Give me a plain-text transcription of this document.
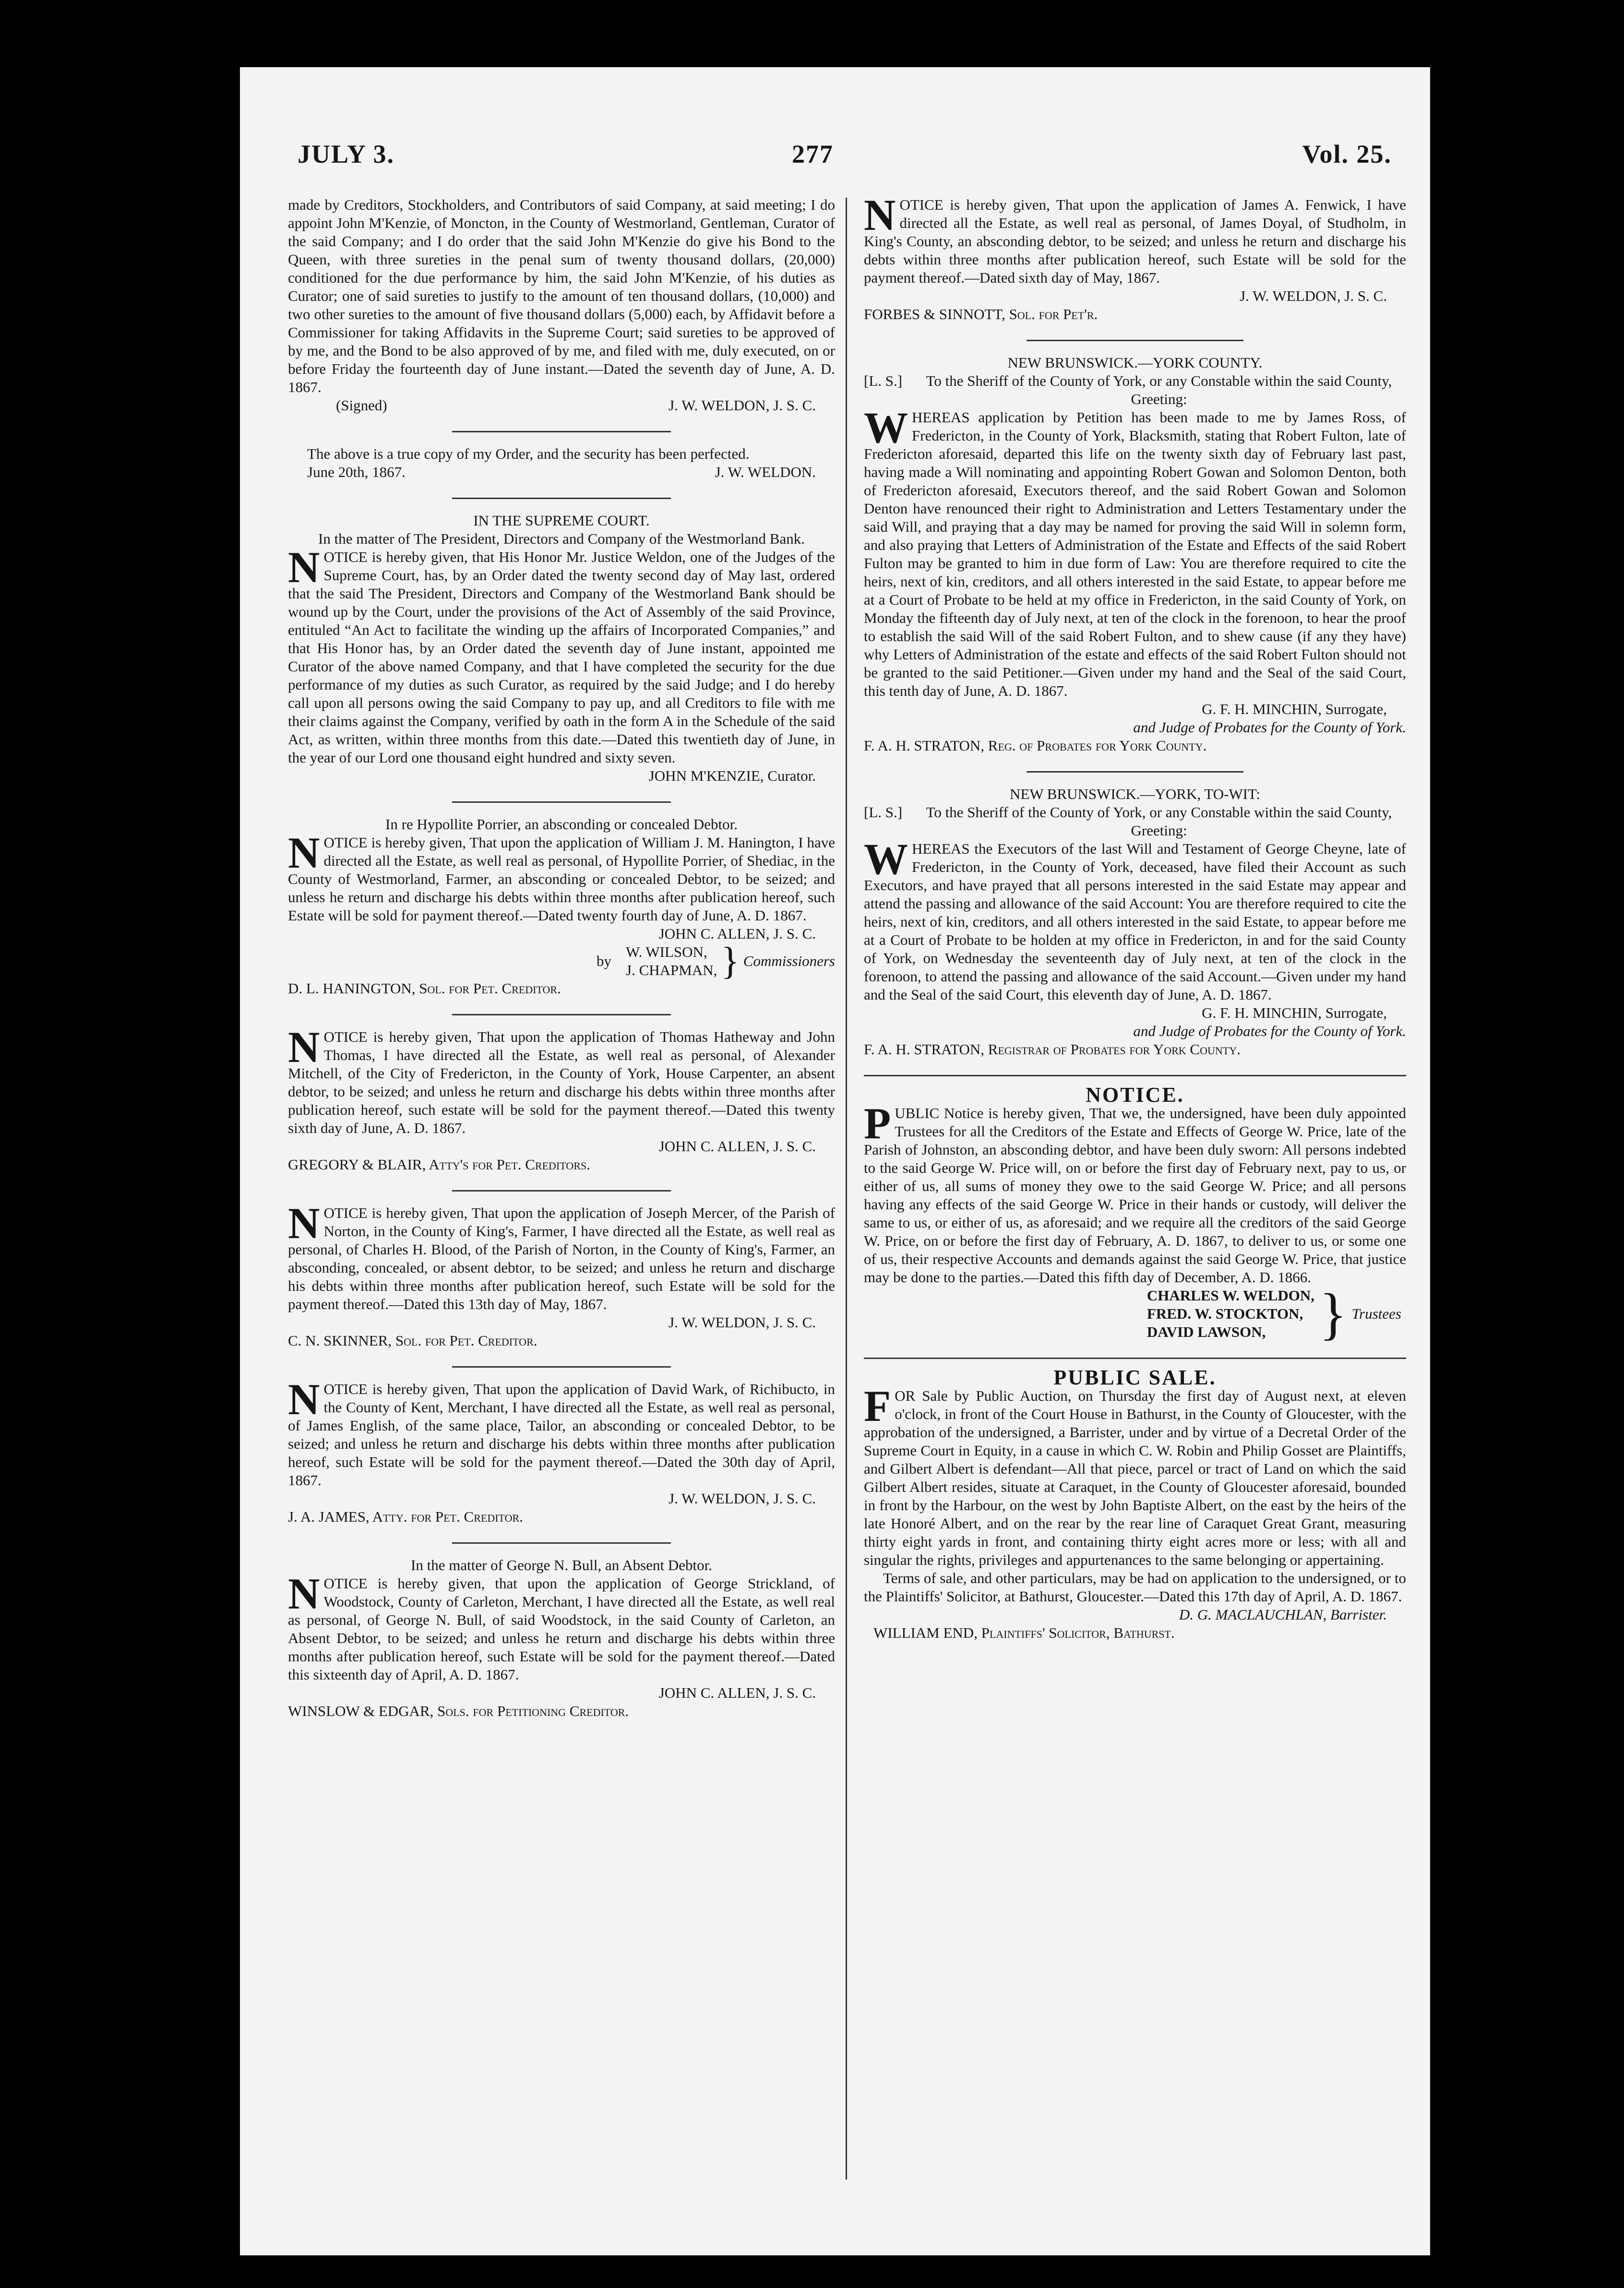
JULY 3.	277	Vol. 25.

made by Creditors, Stockholders, and Contributors of said Company, at said meeting; I do appoint John M'Kenzie, of Moncton, in the County of Westmorland, Gentleman, Curator of the said Company; and I do order that the said John M'Kenzie do give his Bond to the Queen, with three sureties in the penal sum of twenty thousand dollars, (20,000) conditioned for the due performance by him, the said John M'Kenzie, of his duties as Curator; one of said sureties to justify to the amount of ten thousand dollars, (10,000) and two other sureties to the amount of five thousand dollars (5,000) each, by Affidavit before a Commissioner for taking Affidavits in the Supreme Court; said sureties to be approved of by me, and the Bond to be also approved of by me, and filed with me, duly executed, on or before Friday the fourteenth day of June instant.—Dated the seventh day of June, A. D. 1867.

(Signed)	J. W. WELDON, J. S. C.

The above is a true copy of my Order, and the security has been perfected.

June 20th, 1867.	J. W. WELDON.

IN THE SUPREME COURT.

In the matter of The President, Directors and Company of the Westmorland Bank.

NOTICE is hereby given, that His Honor Mr. Justice Weldon, one of the Judges of the Supreme Court, has, by an Order dated the twenty second day of May last, ordered that the said The President, Directors and Company of the Westmorland Bank should be wound up by the Court, under the provisions of the Act of Assembly of the said Province, entituled “An Act to facilitate the winding up the affairs of Incorporated Companies,” and that His Honor has, by an Order dated the seventh day of June instant, appointed me Curator of the above named Company, and that I have completed the security for the due performance of my duties as such Curator, as required by the said Judge; and I do hereby call upon all persons owing the said Company to pay up, and all Creditors to file with me their claims against the Company, verified by oath in the form A in the Schedule of the said Act, as written, within three months from this date.—Dated this twentieth day of June, in the year of our Lord one thousand eight hundred and sixty seven.

JOHN M'KENZIE, Curator.

In re Hypollite Porrier, an absconding or concealed Debtor.

NOTICE is hereby given, That upon the application of William J. M. Hanington, I have directed all the Estate, as well real as personal, of Hypollite Porrier, of Shediac, in the County of Westmorland, Farmer, an absconding or concealed Debtor, to be seized; and unless he return and discharge his debts within three months after publication hereof, such Estate will be sold for payment thereof.—Dated twenty fourth day of June, A. D. 1867.

JOHN C. ALLEN, J. S. C.

by
W. WILSON,
J. CHAPMAN, } Commissioners

D. L. HANINGTON, Sol. for Pet. Creditor.

NOTICE is hereby given, That upon the application of Thomas Hatheway and John Thomas, I have directed all the Estate, as well real as personal, of Alexander Mitchell, of the City of Fredericton, in the County of York, House Carpenter, an absent debtor, to be seized; and unless he return and discharge his debts within three months after publication hereof, such estate will be sold for the payment thereof.—Dated this twenty sixth day of June, A. D. 1867.

JOHN C. ALLEN, J. S. C.

GREGORY & BLAIR, Atty's for Pet. Creditors.

NOTICE is hereby given, That upon the application of Joseph Mercer, of the Parish of Norton, in the County of King's, Farmer, I have directed all the Estate, as well real as personal, of Charles H. Blood, of the Parish of Norton, in the County of King's, Farmer, an absconding, concealed, or absent debtor, to be seized; and unless he return and discharge his debts within three months after publication hereof, such Estate will be sold for the payment thereof.—Dated this 13th day of May, 1867.

J. W. WELDON, J. S. C.

C. N. SKINNER, Sol. for Pet. Creditor.

NOTICE is hereby given, That upon the application of David Wark, of Richibucto, in the County of Kent, Merchant, I have directed all the Estate, as well real as personal, of James English, of the same place, Tailor, an absconding or concealed Debtor, to be seized; and unless he return and discharge his debts within three months after publication hereof, such Estate will be sold for the payment thereof.—Dated the 30th day of April, 1867.

J. W. WELDON, J. S. C.

J. A. JAMES, Atty. for Pet. Creditor.

In the matter of George N. Bull, an Absent Debtor.

NOTICE is hereby given, that upon the application of George Strickland, of Woodstock, County of Carleton, Merchant, I have directed all the Estate, as well real as personal, of George N. Bull, of said Woodstock, in the said County of Carleton, an Absent Debtor, to be seized; and unless he return and discharge his debts within three months after publication hereof, such Estate will be sold for the payment thereof.—Dated this sixteenth day of April, A. D. 1867.

JOHN C. ALLEN, J. S. C.

WINSLOW & EDGAR, Sols. for Petitioning Creditor.

NOTICE is hereby given, That upon the application of James A. Fenwick, I have directed all the Estate, as well real as personal, of James Doyal, of Studholm, in King's County, an absconding debtor, to be seized; and unless he return and discharge his debts within three months after publication hereof, such Estate will be sold for the payment thereof.—Dated sixth day of May, 1867.

J. W. WELDON, J. S. C.

FORBES & SINNOTT, Sol. for Pet'r.

NEW BRUNSWICK.—YORK COUNTY.

[L. S.]	To the Sheriff of the County of York, or any Constable within the said County, Greeting:

WHEREAS application by Petition has been made to me by James Ross, of Fredericton, in the County of York, Blacksmith, stating that Robert Fulton, late of Fredericton aforesaid, departed this life on the twenty sixth day of February last past, having made a Will nominating and appointing Robert Gowan and Solomon Denton, both of Fredericton aforesaid, Executors thereof, and the said Robert Gowan and Solomon Denton have renounced their right to Administration and Letters Testamentary under the said Will, and praying that a day may be named for proving the said Will in solemn form, and also praying that Letters of Administration of the Estate and Effects of the said Robert Fulton may be granted to him in due form of Law: You are therefore required to cite the heirs, next of kin, creditors, and all others interested in the said Estate, to appear before me at a Court of Probate to be held at my office in Fredericton, in the said County of York, on Monday the fifteenth day of July next, at ten of the clock in the forenoon, to hear the proof to establish the said Will of the said Robert Fulton, and to shew cause (if any they have) why Letters of Administration of the estate and effects of the said Robert Fulton should not be granted to the said Petitioner.—Given under my hand and the Seal of the said Court, this tenth day of June, A. D. 1867.

G. F. H. MINCHIN, Surrogate,

and Judge of Probates for the County of York.

F. A. H. STRATON, Reg. of Probates for York County.

NEW BRUNSWICK.—YORK, TO-WIT:

[L. S.]	To the Sheriff of the County of York, or any Constable within the said County, Greeting:

WHEREAS the Executors of the last Will and Testament of George Cheyne, late of Fredericton, in the County of York, deceased, have filed their Account as such Executors, and have prayed that all persons interested in the said Estate may appear and attend the passing and allowance of the said Account: You are therefore required to cite the heirs, next of kin, creditors, and all others interested in the said Estate, to appear before me at a Court of Probate to be holden at my office in Fredericton, in and for the said County of York, on Wednesday the seventeenth day of July next, at ten of the clock in the forenoon, to attend the passing and allowance of the said Account.—Given under my hand and the Seal of the said Court, this eleventh day of June, A. D. 1867.

G. F. H. MINCHIN, Surrogate,

and Judge of Probates for the County of York.

F. A. H. STRATON, Registrar of Probates for York County.

NOTICE.

PUBLIC Notice is hereby given, That we, the undersigned, have been duly appointed Trustees for all the Creditors of the Estate and Effects of George W. Price, late of the Parish of Johnston, an absconding debtor, and have been duly sworn: All persons indebted to the said George W. Price will, on or before the first day of February next, pay to us, or either of us, all sums of money they owe to the said George W. Price; and all persons having any effects of the said George W. Price in their hands or custody, will deliver the same to us, or either of us, as aforesaid; and we require all the creditors of the said George W. Price, on or before the first day of February, A. D. 1867, to deliver to us, or some one of us, their respective Accounts and demands against the said George W. Price, that justice may be done to the parties.—Dated this fifth day of December, A. D. 1866.

CHARLES W. WELDON,
FRED. W. STOCKTON,
DAVID LAWSON, } Trustees

PUBLIC SALE.

FOR Sale by Public Auction, on Thursday the first day of August next, at eleven o'clock, in front of the Court House in Bathurst, in the County of Gloucester, with the approbation of the undersigned, a Barrister, under and by virtue of a Decretal Order of the Supreme Court in Equity, in a cause in which C. W. Robin and Philip Gosset are Plaintiffs, and Gilbert Albert is defendant—All that piece, parcel or tract of Land on which the said Gilbert Albert resides, situate at Caraquet, in the County of Gloucester aforesaid, bounded in front by the Harbour, on the west by John Baptiste Albert, on the east by the heirs of the late Honoré Albert, and on the rear by the rear line of Caraquet Great Grant, measuring thirty eight yards in front, and containing thirty eight acres more or less; with all and singular the rights, privileges and appurtenances to the same belonging or appertaining.

Terms of sale, and other particulars, may be had on application to the undersigned, or to the Plaintiffs' Solicitor, at Bathurst, Gloucester.—Dated this 17th day of April, A. D. 1867.

D. G. MACLAUCHLAN, Barrister.

WILLIAM END, Plaintiffs' Solicitor, Bathurst.
